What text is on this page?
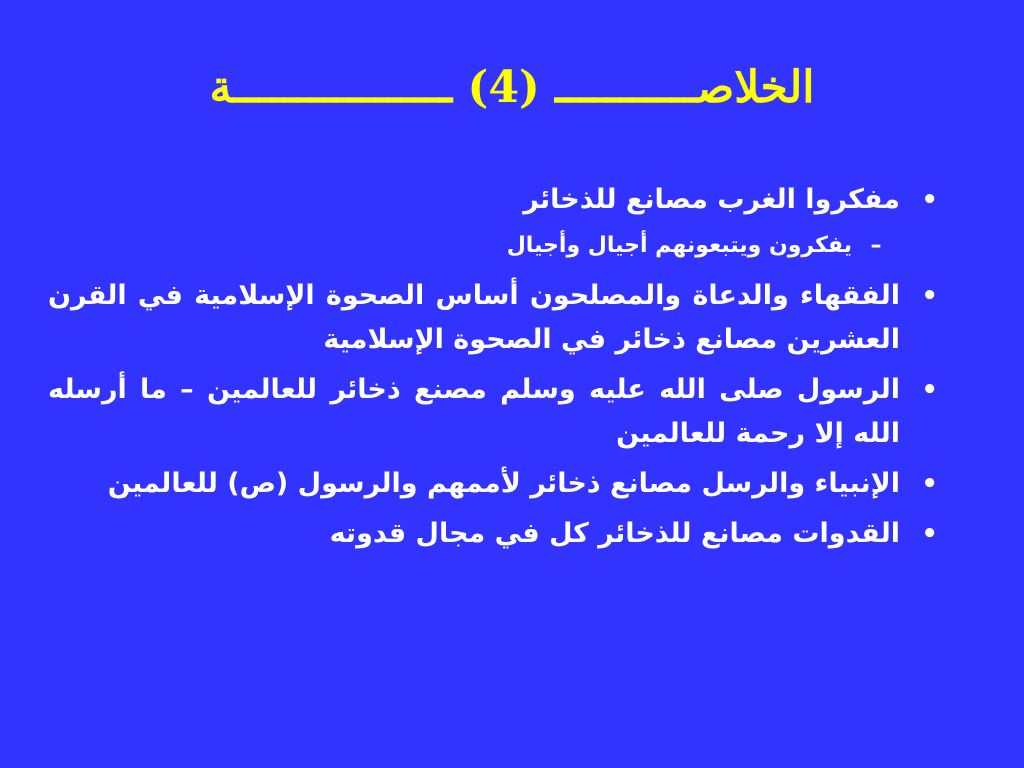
الخلاصـــــــــــ (4) ـــــــــــــــــة
•
مفكروا الغرب مصانع للذخائر
–
يفكرون ويتبعونهم أجيال وأجيال
•
الفقهاء والدعاة والمصلحون أساس الصحوة الإسلامية في القرن العشرين مصانع ذخائر في الصحوة الإسلامية
•
الرسول صلى الله عليه وسلم مصنع ذخائر للعالمين – ما أرسله الله إلا رحمة للعالمين
•
الإنبياء والرسل مصانع ذخائر لأممهم والرسول (ص) للعالمين
•
القدوات مصانع للذخائر كل في مجال قدوته
